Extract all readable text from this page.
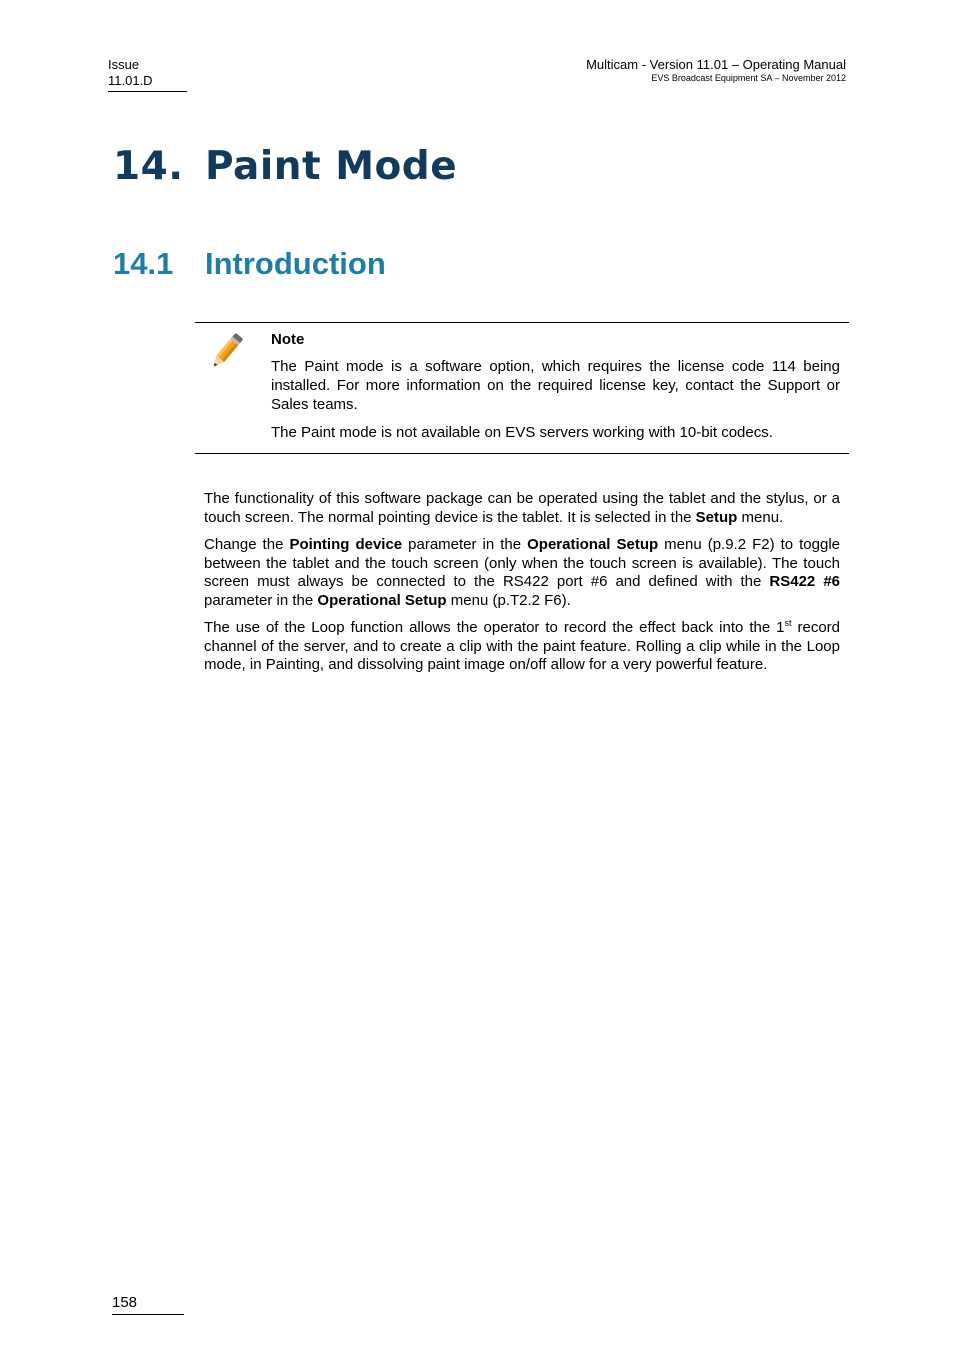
Issue
11.01.D
Multicam - Version 11.01 – Operating Manual
EVS Broadcast Equipment SA – November 2012
14. Paint Mode
14.1 Introduction

Note

The Paint mode is a software option, which requires the license code 114 being installed. For more information on the required license key, contact the Support or Sales teams.

The Paint mode is not available on EVS servers working with 10-bit codecs.

The functionality of this software package can be operated using the tablet and the stylus, or a touch screen. The normal pointing device is the tablet. It is selected in the Setup menu.

Change the Pointing device parameter in the Operational Setup menu (p.9.2 F2) to toggle between the tablet and the touch screen (only when the touch screen is available). The touch screen must always be connected to the RS422 port #6 and defined with the RS422 #6 parameter in the Operational Setup menu (p.T2.2 F6).

The use of the Loop function allows the operator to record the effect back into the 1st record channel of the server, and to create a clip with the paint feature. Rolling a clip while in the Loop mode, in Painting, and dissolving paint image on/off allow for a very powerful feature.

158
